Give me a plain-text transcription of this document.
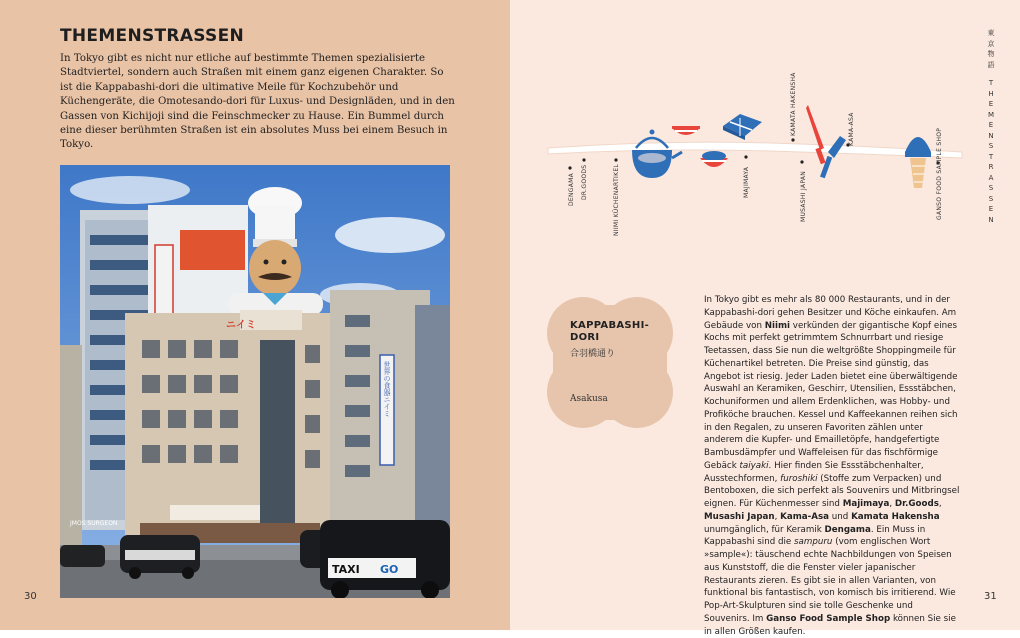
THEMENSTRASSEN
In Tokyo gibt es nicht nur etliche auf bestimmte Themen spezialisierte Stadtviertel, sondern auch Straßen mit einem ganz eigenen Charakter. So ist die Kappabashi-dori die ultimative Meile für Kochzubehör und Küchengeräte, die Omotesando-dori für Luxus- und Designläden, und in den Gassen von Kichijoji sind die Feinschmecker zu Hause. Ein Bummel durch eine dieser berühmten Straßen ist ein absolutes Muss bei einem Besuch in Tokyo.
ニイミ
世界の食器ニイミ
JMOS SURGEON
TAXI GO
30
東
京
物
語
T
H
E
M
E
N
S
T
R
A
S
S
E
N
DENGAMA DR.GOODS	NIIMI KÜCHENARTIKEL	MAJIMAYA
KAMATA HAKENSHA
MUSASHI JAPAN
KAMA-ASA	GANSO FOOD SAMPLE SHOP
KAPPABASHI-DORI
合羽橋通り
Asakusa
In Tokyo gibt es mehr als 80 000 Restaurants, und in der Kappabashi-dori gehen Besitzer und Köche einkaufen. Am Gebäude von Niimi verkünden der gigantische Kopf eines Kochs mit perfekt getrimmtem Schnurrbart und riesige Teetassen, dass Sie nun die weltgrößte Shoppingmeile für Küchenartikel betreten. Die Preise sind günstig, das Angebot ist riesig. Jeder Laden bietet eine überwältigende Auswahl an Keramiken, Geschirr, Utensilien, Essstäbchen, Kochuniformen und allem Erdenklichen, was Hobby- und Profiköche brauchen. Kessel und Kaffeekannen reihen sich in den Regalen, zu unseren Favoriten zählen unter anderem die Kupfer- und Emailletöpfe, handgefertigte Bambusdämpfer und Waffeleisen für das fischförmige Gebäck taiyaki. Hier finden Sie Essstäbchenhalter, Ausstechformen, furoshiki (Stoffe zum Verpacken) und Bentoboxen, die sich perfekt als Souvenirs und Mitbringsel eignen. Für Küchenmesser sind Majimaya, Dr.Goods, Musashi Japan, Kama-Asa und Kamata Hakensha unumgänglich, für Keramik Dengama. Ein Muss in Kappabashi sind die sampuru (vom englischen Wort »sample«): täuschend echte Nachbildungen von Speisen aus Kunststoff, die die Fenster vieler japanischer Restaurants zieren. Es gibt sie in allen Varianten, von funktional bis fantastisch, von komisch bis irritierend. Wie Pop-Art-Skulpturen sind sie tolle Geschenke und Souvenirs. Im Ganso Food Sample Shop können Sie sie in allen Größen kaufen.
31
